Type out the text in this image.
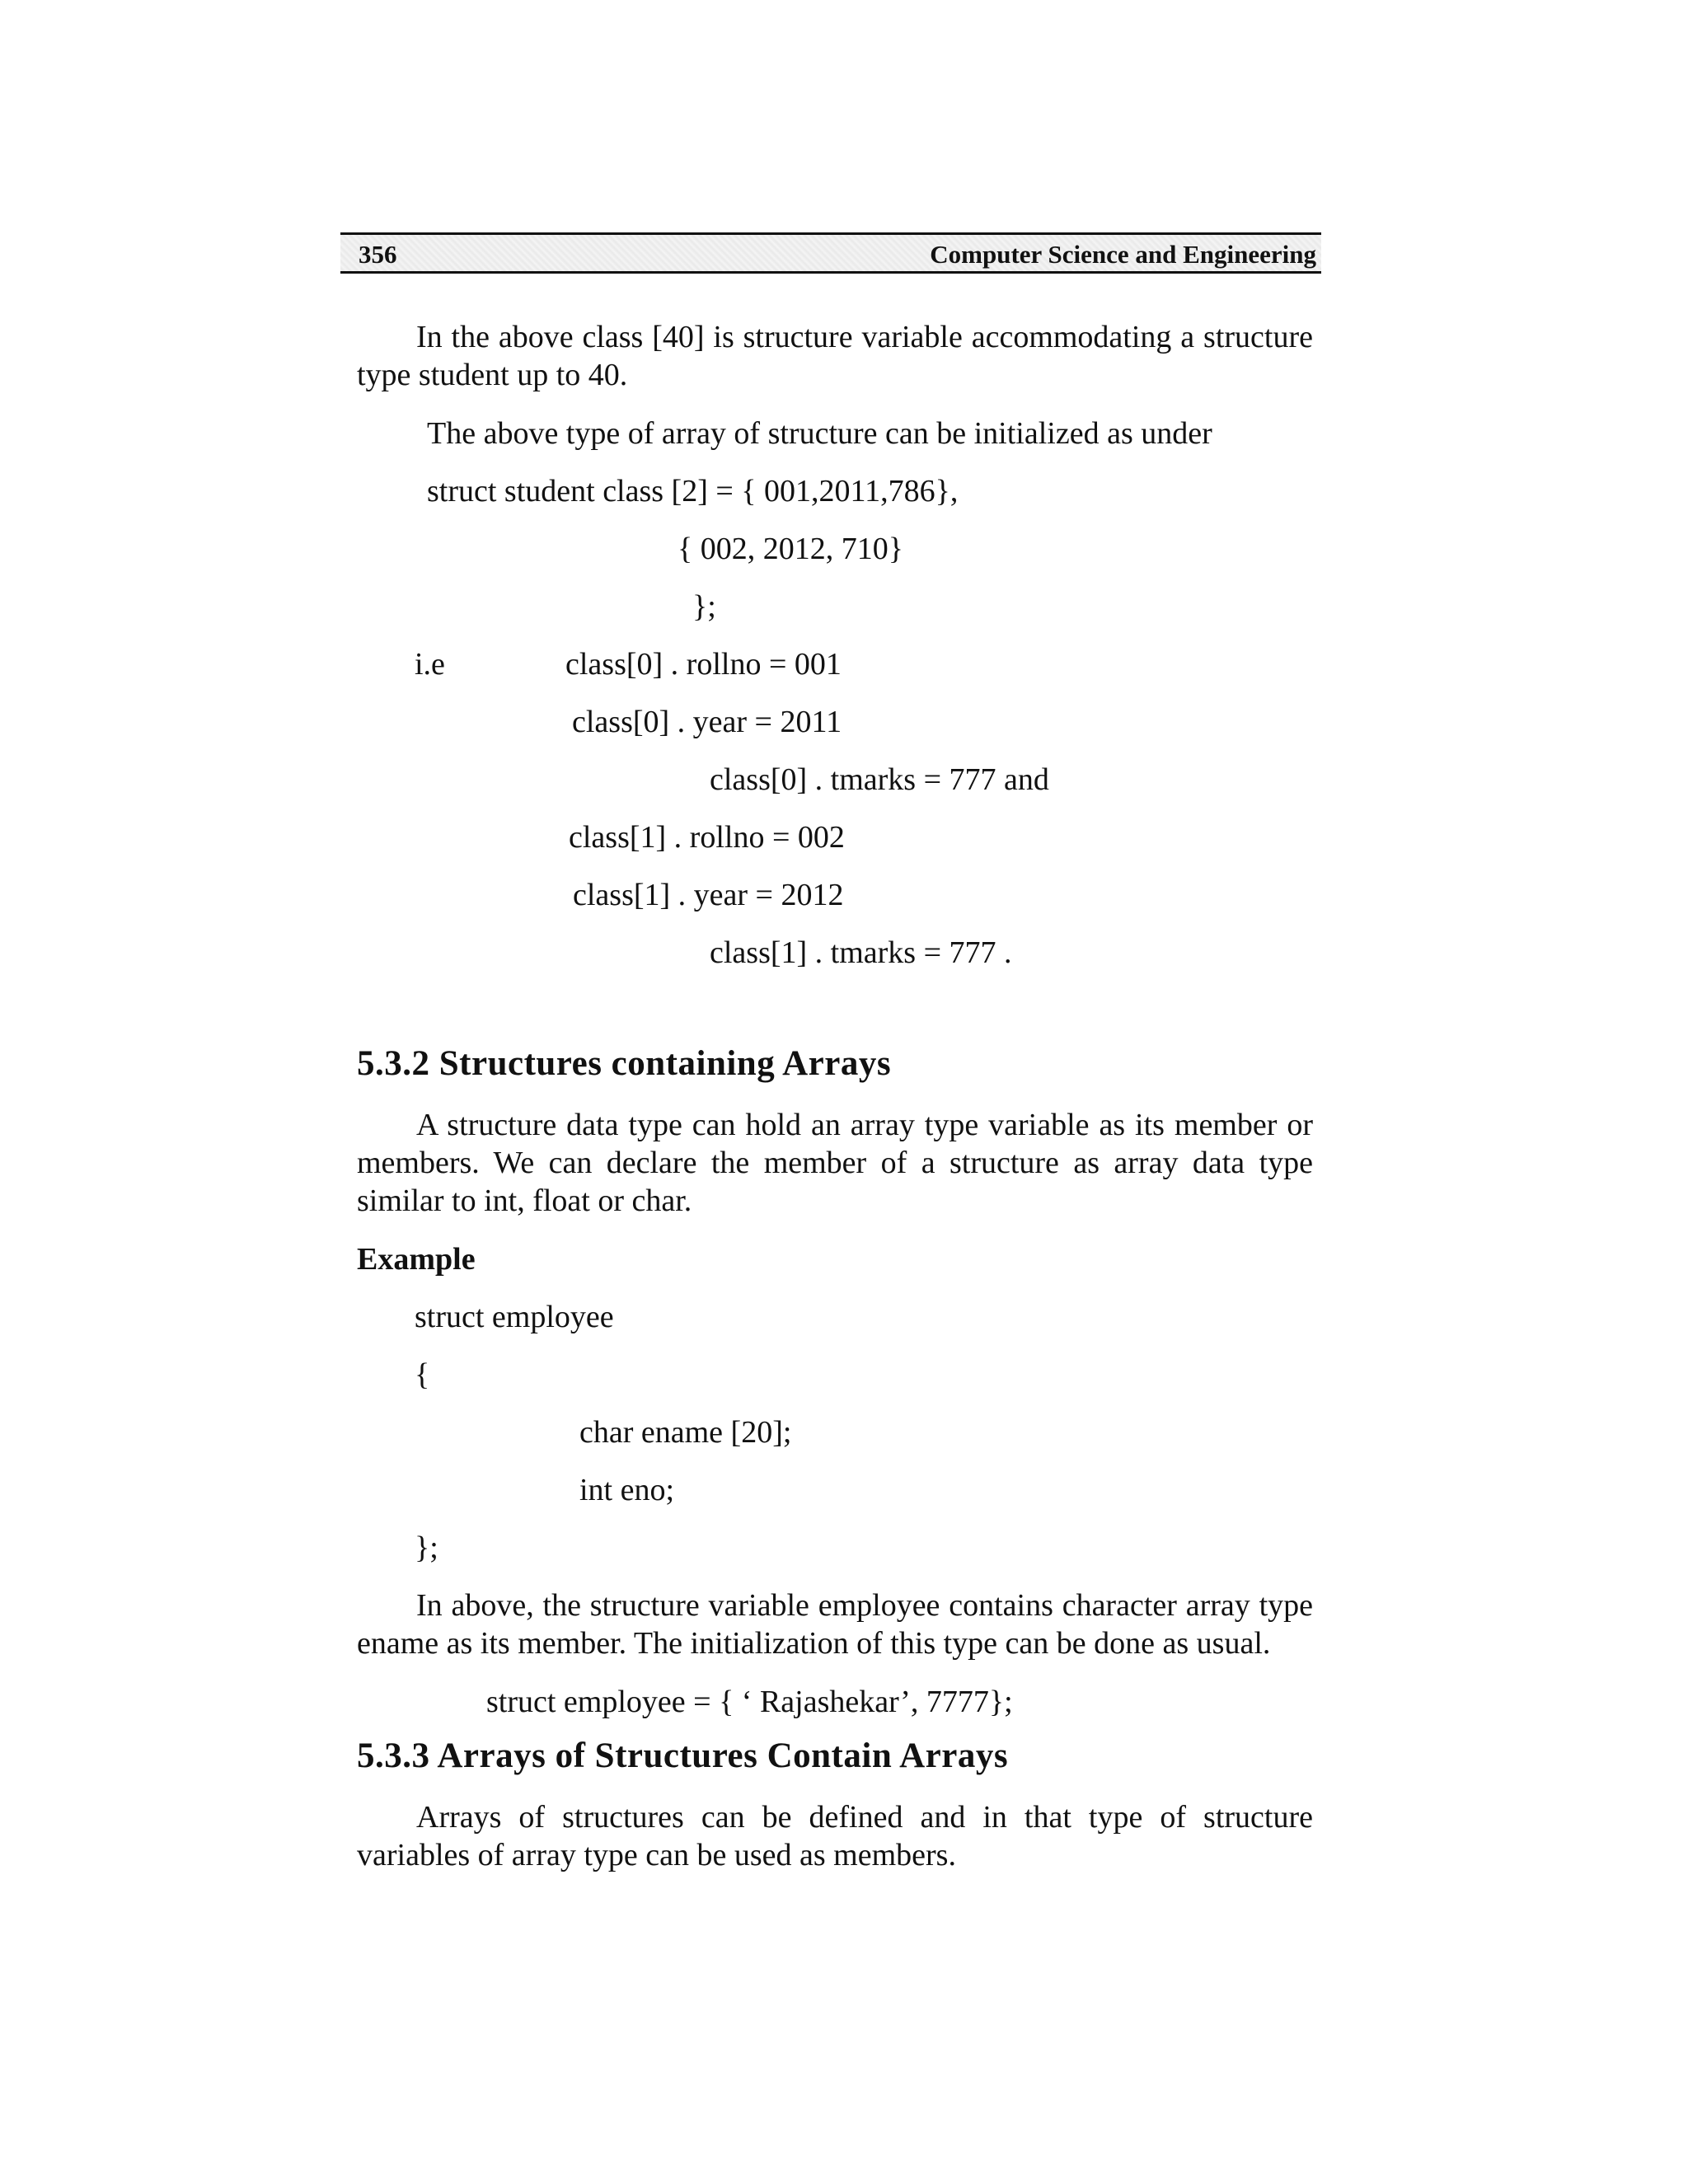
356	Computer Science and Engineering
In the above class [40] is structure variable accommodating a structure type student up to 40.
The above type of array of structure can be initialized as under
struct student class [2] = { 001,2011,786},
{ 002, 2012, 710}
};
i.e	class[0] . rollno = 001
class[0] . year = 2011
class[0] . tmarks = 777 and
class[1] . rollno = 002
class[1] . year = 2012
class[1] . tmarks = 777 .
5.3.2 Structures containing Arrays
A structure data type can hold an array type variable as its member or members. We can declare the member of a structure as array data type similar to int, float or char.
Example
struct employee
{
char ename [20];
int eno;
};
In above, the structure variable employee contains character array type ename as its member. The initialization of this type can be done as usual.
struct employee = { ‘ Rajashekar’, 7777};
5.3.3 Arrays of Structures Contain Arrays
Arrays of structures can be defined and in that type of structure variables of array type can be used as members.
